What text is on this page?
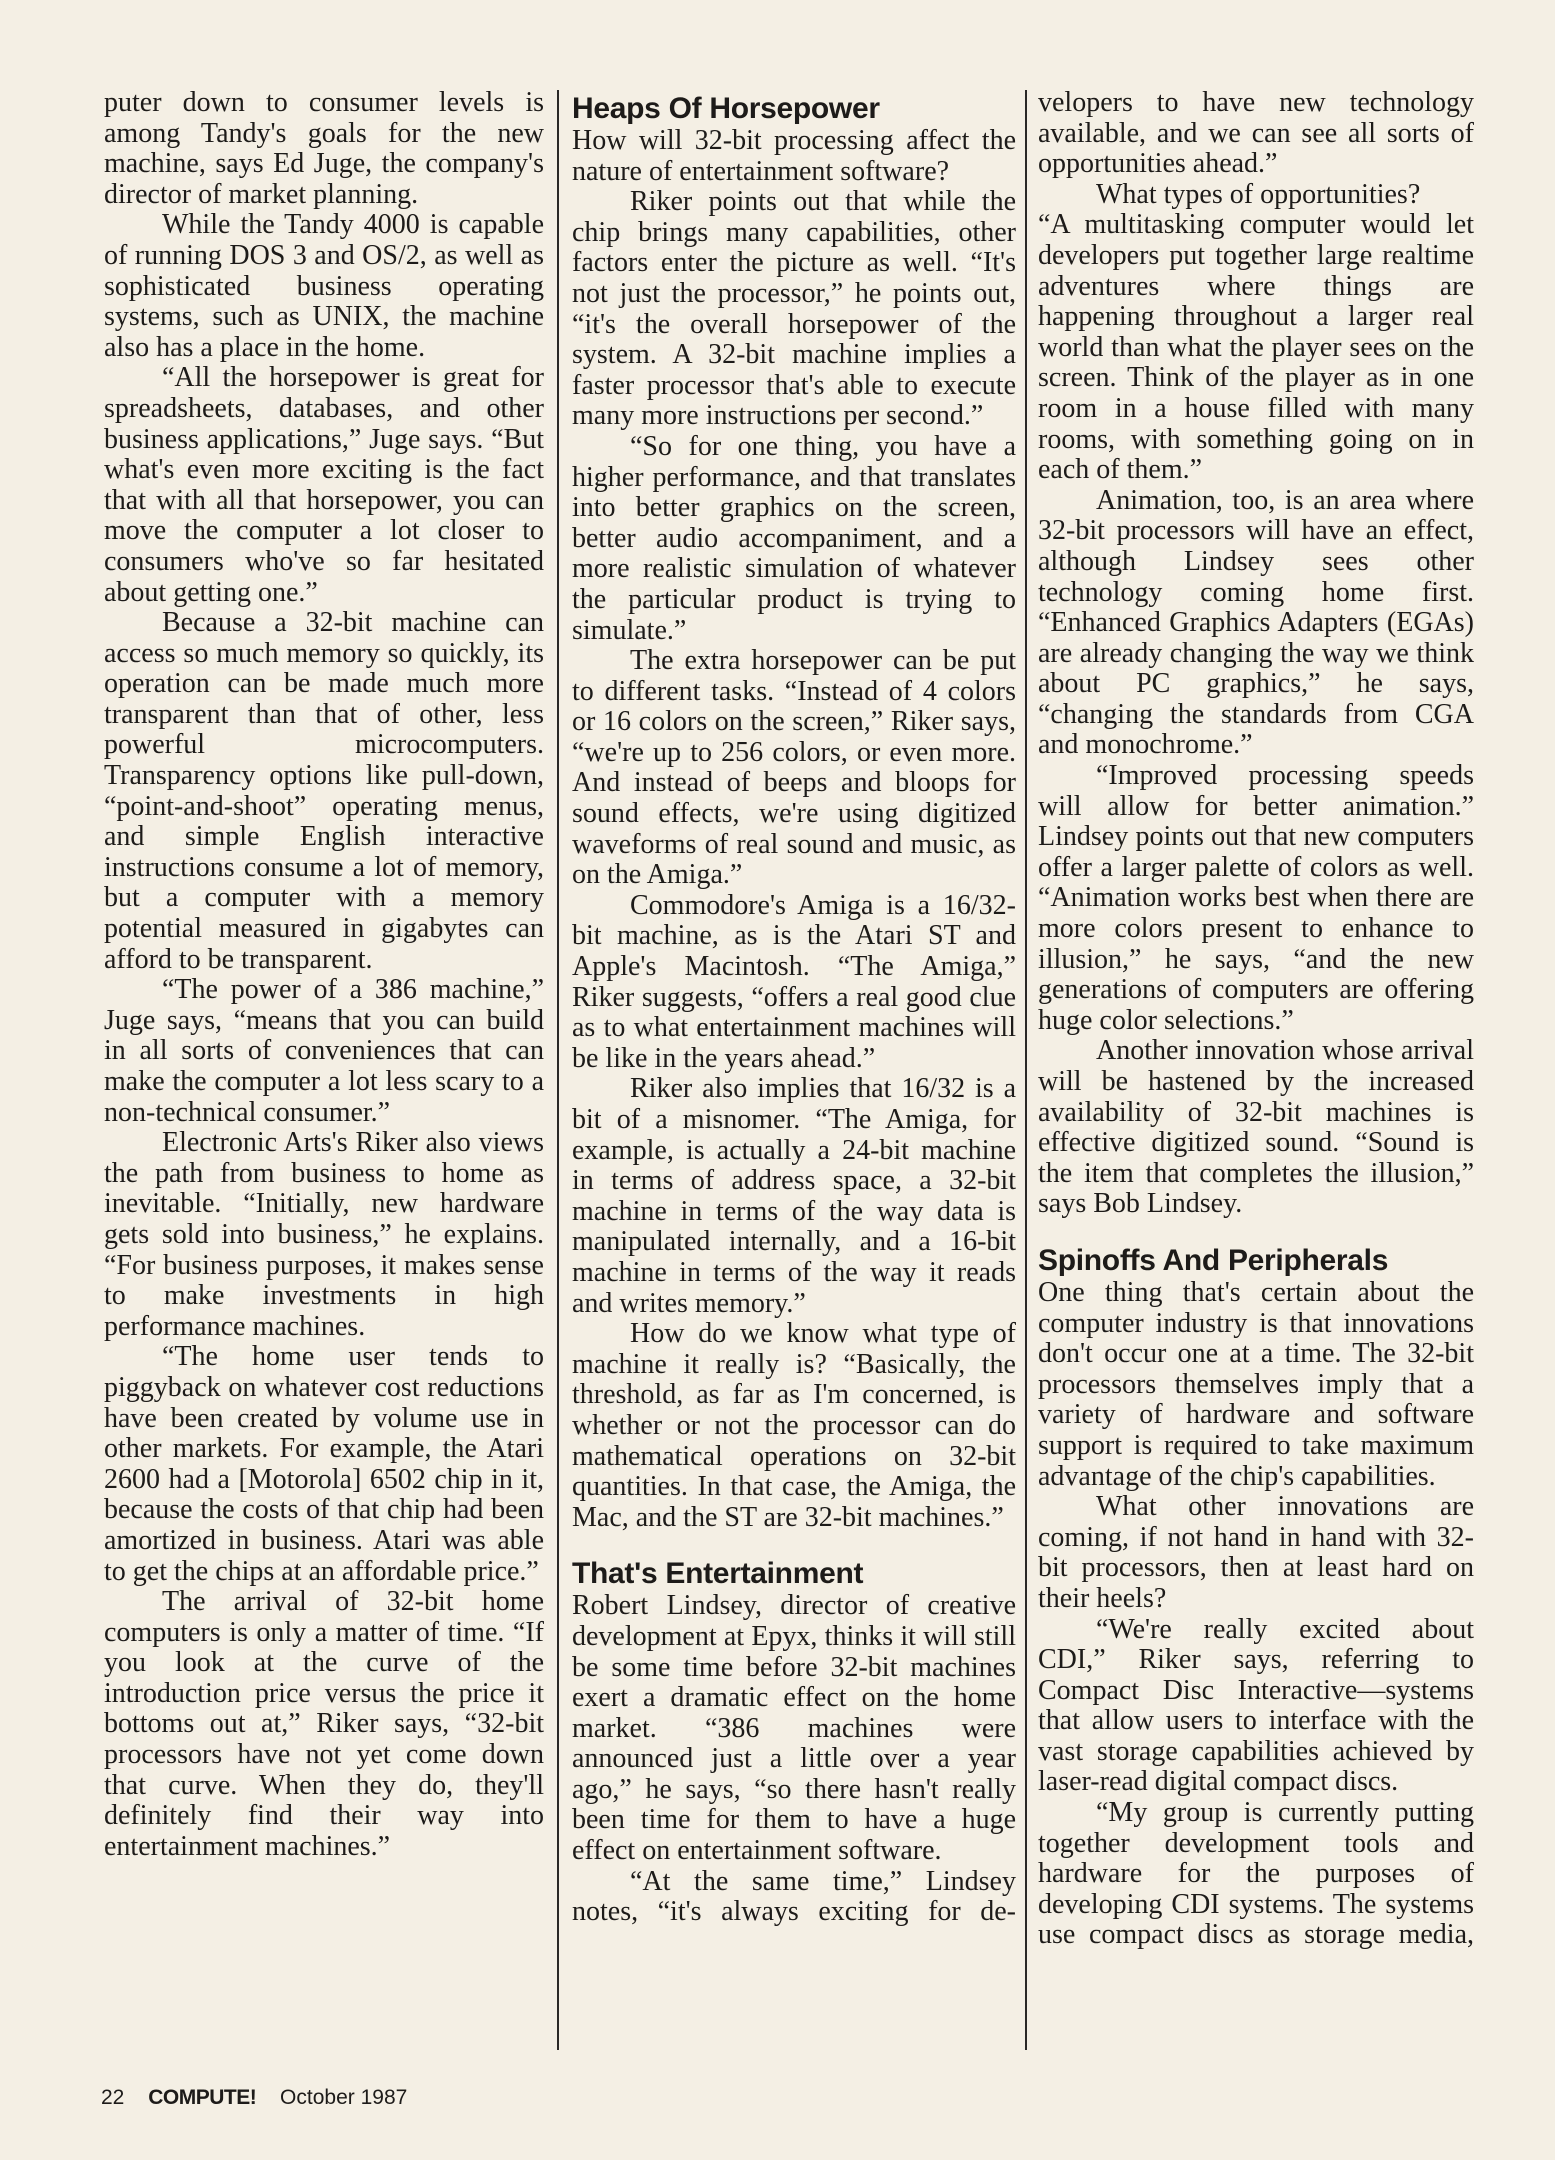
puter down to consumer levels is among Tandy's goals for the new machine, says Ed Juge, the company's director of market planning.

While the Tandy 4000 is capable of running DOS 3 and OS/2, as well as sophisticated business operating systems, such as UNIX, the machine also has a place in the home.

“All the horsepower is great for spreadsheets, databases, and other business applications,” Juge says. “But what's even more exciting is the fact that with all that horsepower, you can move the computer a lot closer to consumers who've so far hesitated about getting one.”

Because a 32-bit machine can access so much memory so quickly, its operation can be made much more transparent than that of other, less powerful microcomputers. Transparency options like pull-down, “point-and-shoot” operating menus, and simple English interactive instructions consume a lot of memory, but a computer with a memory potential measured in gigabytes can afford to be transparent.

“The power of a 386 machine,” Juge says, “means that you can build in all sorts of conveniences that can make the computer a lot less scary to a non-technical consumer.”

Electronic Arts's Riker also views the path from business to home as inevitable. “Initially, new hardware gets sold into business,” he explains. “For business purposes, it makes sense to make investments in high performance machines.

“The home user tends to piggyback on whatever cost reductions have been created by volume use in other markets. For example, the Atari 2600 had a [Motorola] 6502 chip in it, because the costs of that chip had been amortized in business. Atari was able to get the chips at an affordable price.”

The arrival of 32-bit home computers is only a matter of time. “If you look at the curve of the introduction price versus the price it bottoms out at,” Riker says, “32-bit processors have not yet come down that curve. When they do, they'll definitely find their way into entertainment machines.”

Heaps Of Horsepower

How will 32-bit processing affect the nature of entertainment software?

Riker points out that while the chip brings many capabilities, other factors enter the picture as well. “It's not just the processor,” he points out, “it's the overall horsepower of the system. A 32-bit machine implies a faster processor that's able to execute many more instructions per second.”

“So for one thing, you have a higher performance, and that translates into better graphics on the screen, better audio accompaniment, and a more realistic simulation of whatever the particular product is trying to simulate.”

The extra horsepower can be put to different tasks. “Instead of 4 colors or 16 colors on the screen,” Riker says, “we're up to 256 colors, or even more. And instead of beeps and bloops for sound effects, we're using digitized waveforms of real sound and music, as on the Amiga.”

Commodore's Amiga is a 16/32-bit machine, as is the Atari ST and Apple's Macintosh. “The Amiga,” Riker suggests, “offers a real good clue as to what entertainment machines will be like in the years ahead.”

Riker also implies that 16/32 is a bit of a misnomer. “The Amiga, for example, is actually a 24-bit machine in terms of address space, a 32-bit machine in terms of the way data is manipulated internally, and a 16-bit machine in terms of the way it reads and writes memory.”

How do we know what type of machine it really is? “Basically, the threshold, as far as I'm concerned, is whether or not the processor can do mathematical operations on 32-bit quantities. In that case, the Amiga, the Mac, and the ST are 32-bit machines.”

That's Entertainment

Robert Lindsey, director of creative development at Epyx, thinks it will still be some time before 32-bit machines exert a dramatic effect on the home market. “386 machines were announced just a little over a year ago,” he says, “so there hasn't really been time for them to have a huge effect on entertainment software.

“At the same time,” Lindsey notes, “it's always exciting for de-

velopers to have new technology available, and we can see all sorts of opportunities ahead.”

What types of opportunities?

“A multitasking computer would let developers put together large realtime adventures where things are happening throughout a larger real world than what the player sees on the screen. Think of the player as in one room in a house filled with many rooms, with something going on in each of them.”

Animation, too, is an area where 32-bit processors will have an effect, although Lindsey sees other technology coming home first. “Enhanced Graphics Adapters (EGAs) are already changing the way we think about PC graphics,” he says, “changing the standards from CGA and monochrome.”

“Improved processing speeds will allow for better animation.” Lindsey points out that new computers offer a larger palette of colors as well. “Animation works best when there are more colors present to enhance to illusion,” he says, “and the new generations of computers are offering huge color selections.”

Another innovation whose arrival will be hastened by the increased availability of 32-bit machines is effective digitized sound. “Sound is the item that completes the illusion,” says Bob Lindsey.

Spinoffs And Peripherals

One thing that's certain about the computer industry is that innovations don't occur one at a time. The 32-bit processors themselves imply that a variety of hardware and software support is required to take maximum advantage of the chip's capabilities.

What other innovations are coming, if not hand in hand with 32-bit processors, then at least hard on their heels?

“We're really excited about CDI,” Riker says, referring to Compact Disc Interactive—systems that allow users to interface with the vast storage capabilities achieved by laser-read digital compact discs.

“My group is currently putting together development tools and hardware for the purposes of developing CDI systems. The systems use compact discs as storage media,

22 COMPUTE! October 1987
